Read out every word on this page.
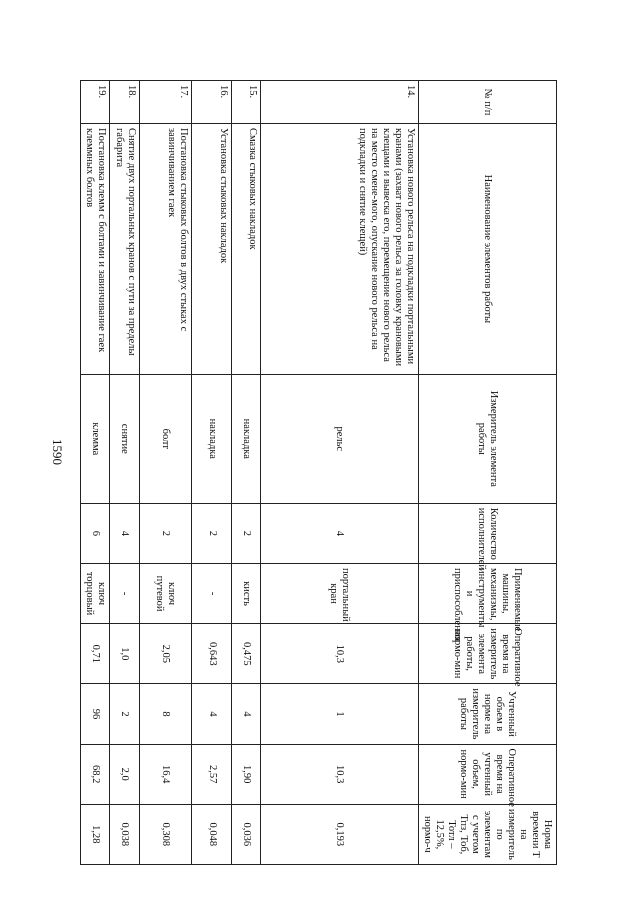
1590
№ п/п	Наименование элементов работы	Измеритель элемента работы	Количество исполнителей	Применяемые машины, механизмы, инструменты и приспособления	Оперативное время на измеритель элемента работы, нормо-мин	Учтенный объем в норме на измеритель работы	Оперативное время на учтенный объем, нормо-мин	Норма времени Т на измеритель по элементам с учетом Тпз, Тоб, Тотл – 12,5%, нормо-ч
14.	Установка нового рельса на подкладки портальными кранами (захват нового рельса за головку крановыми клещами и вывеска его, перемещение нового рельса на место смене-мого, опускание нового рельса на подкладки и снятие клещей)	рельс	4	портальный кран	10,3	1	10,3	0,193
15.	Смазка стыковых накладок	накладка	2	кисть	0,475	4	1,90	0,036
16.	Установка стыковых накладок	накладка	2	-	0,643	4	2,57	0,048
17.	Постановка стыковых болтов в двух стыках с завинчиванием гаек	болт	2	ключ путевой	2,05	8	16,4	0,308
18.	Снятие двух портальных кранов с пути за пределы габарита	снятие	4	-	1,0	2	2,0	0,038
19.	Постановка клемм с болтами и завинчивание гаек клеммных болтов	клемма	6	ключ торцовый	0,71	96	68,2	1,28
